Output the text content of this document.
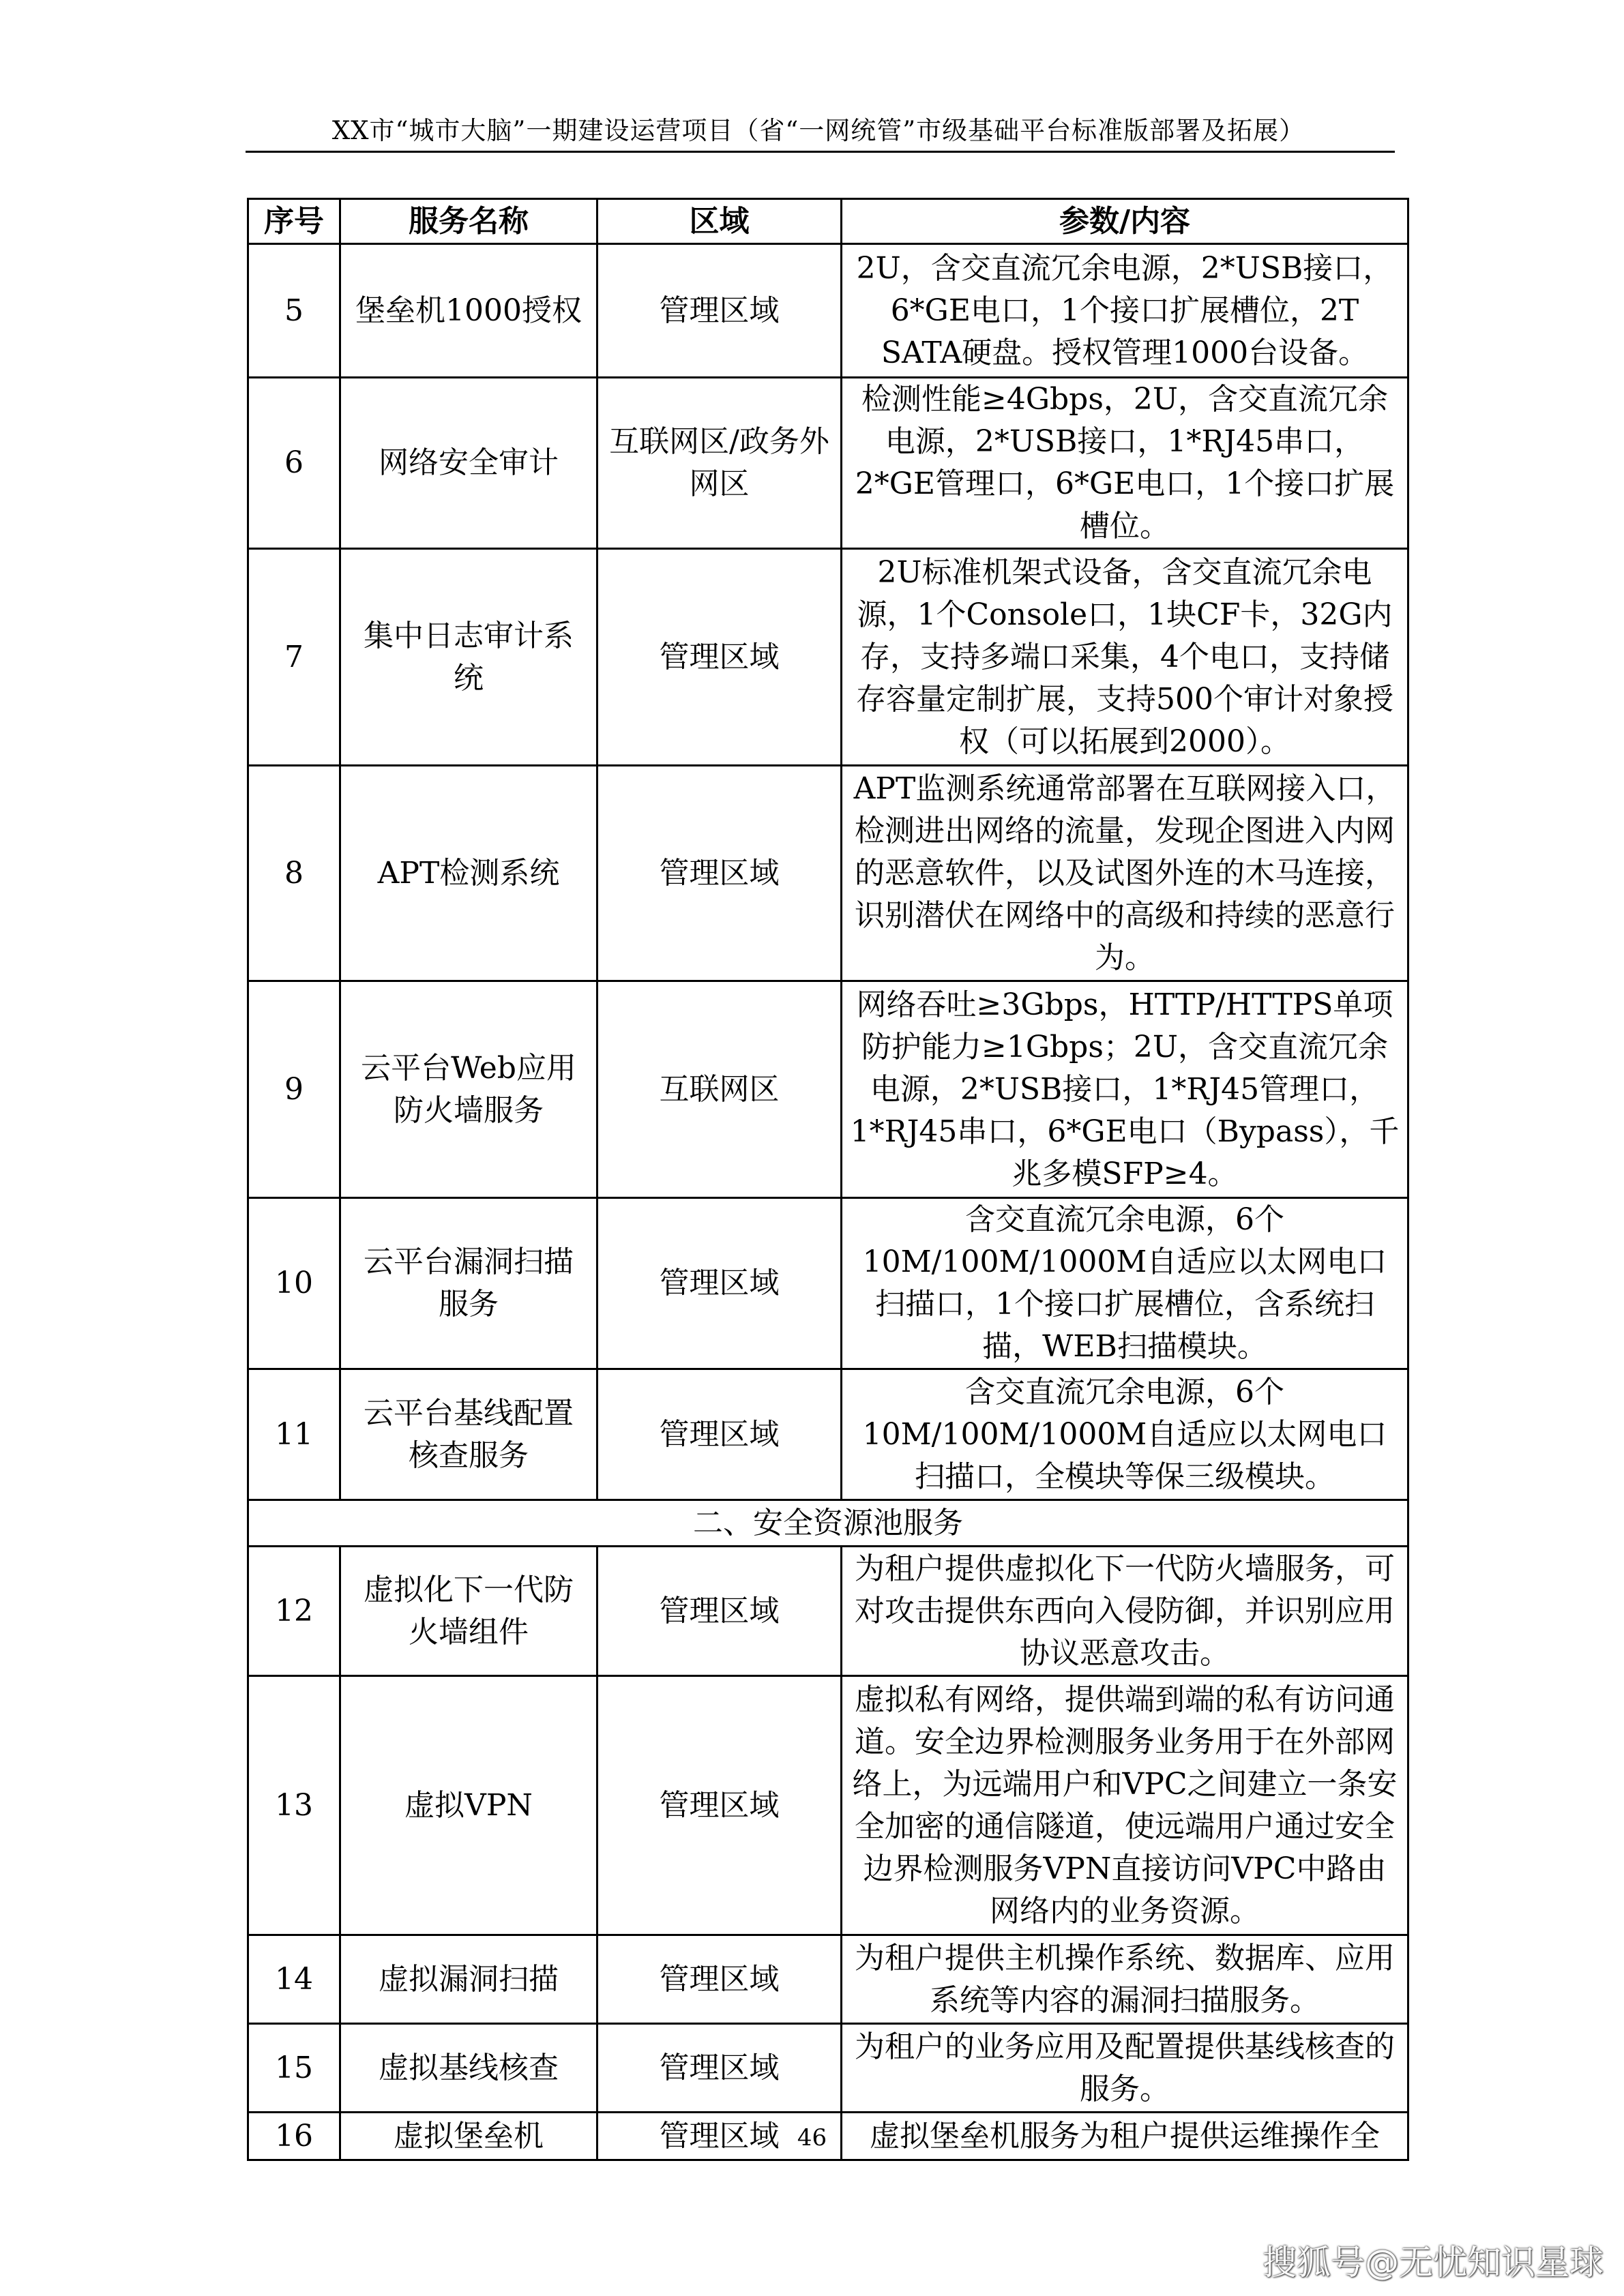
XX市“城市大脑”一期建设运营项目（省“一网统管”市级基础平台标准版部署及拓展）
序号	服务名称	区域	参数/内容
5	堡垒机1000授权	管理区域	2U，含交直流冗余电源，2*USB接口，6*GE电口，1个接口扩展槽位，2T SATA硬盘。授权管理1000台设备。
6	网络安全审计	互联网区/政务外网区	检测性能≥4Gbps，2U，含交直流冗余电源，2*USB接口，1*RJ45串口，2*GE管理口，6*GE电口，1个接口扩展槽位。
7	集中日志审计系统	管理区域	2U标准机架式设备，含交直流冗余电源，1个Console口，1块CF卡，32G内存，支持多端口采集，4个电口，支持储存容量定制扩展，支持500个审计对象授权（可以拓展到2000）。
8	APT检测系统	管理区域	APT监测系统通常部署在互联网接入口，检测进出网络的流量，发现企图进入内网的恶意软件，以及试图外连的木马连接，识别潜伏在网络中的高级和持续的恶意行为。
9	云平台Web应用防火墙服务	互联网区	网络吞吐≥3Gbps，HTTP/HTTPS单项防护能力≥1Gbps；2U，含交直流冗余电源，2*USB接口，1*RJ45管理口，1*RJ45串口，6*GE电口（Bypass），千兆多模SFP≥4。
10	云平台漏洞扫描服务	管理区域	含交直流冗余电源，6个10M/100M/1000M自适应以太网电口扫描口，1个接口扩展槽位，含系统扫描，WEB扫描模块。
11	云平台基线配置核查服务	管理区域	含交直流冗余电源，6个10M/100M/1000M自适应以太网电口扫描口，全模块等保三级模块。
二、安全资源池服务			
12	虚拟化下一代防火墙组件	管理区域	为租户提供虚拟化下一代防火墙服务，可对攻击提供东西向入侵防御，并识别应用协议恶意攻击。
13	虚拟VPN	管理区域	虚拟私有网络，提供端到端的私有访问通道。安全边界检测服务业务用于在外部网络上，为远端用户和VPC之间建立一条安全加密的通信隧道，使远端用户通过安全边界检测服务VPN直接访问VPC中路由网络内的业务资源。
14	虚拟漏洞扫描	管理区域	为租户提供主机操作系统、数据库、应用系统等内容的漏洞扫描服务。
15	虚拟基线核查	管理区域	为租户的业务应用及配置提供基线核查的服务。
16	虚拟堡垒机	管理区域	虚拟堡垒机服务为租户提供运维操作全
46
搜狐号@无忧知识星球
